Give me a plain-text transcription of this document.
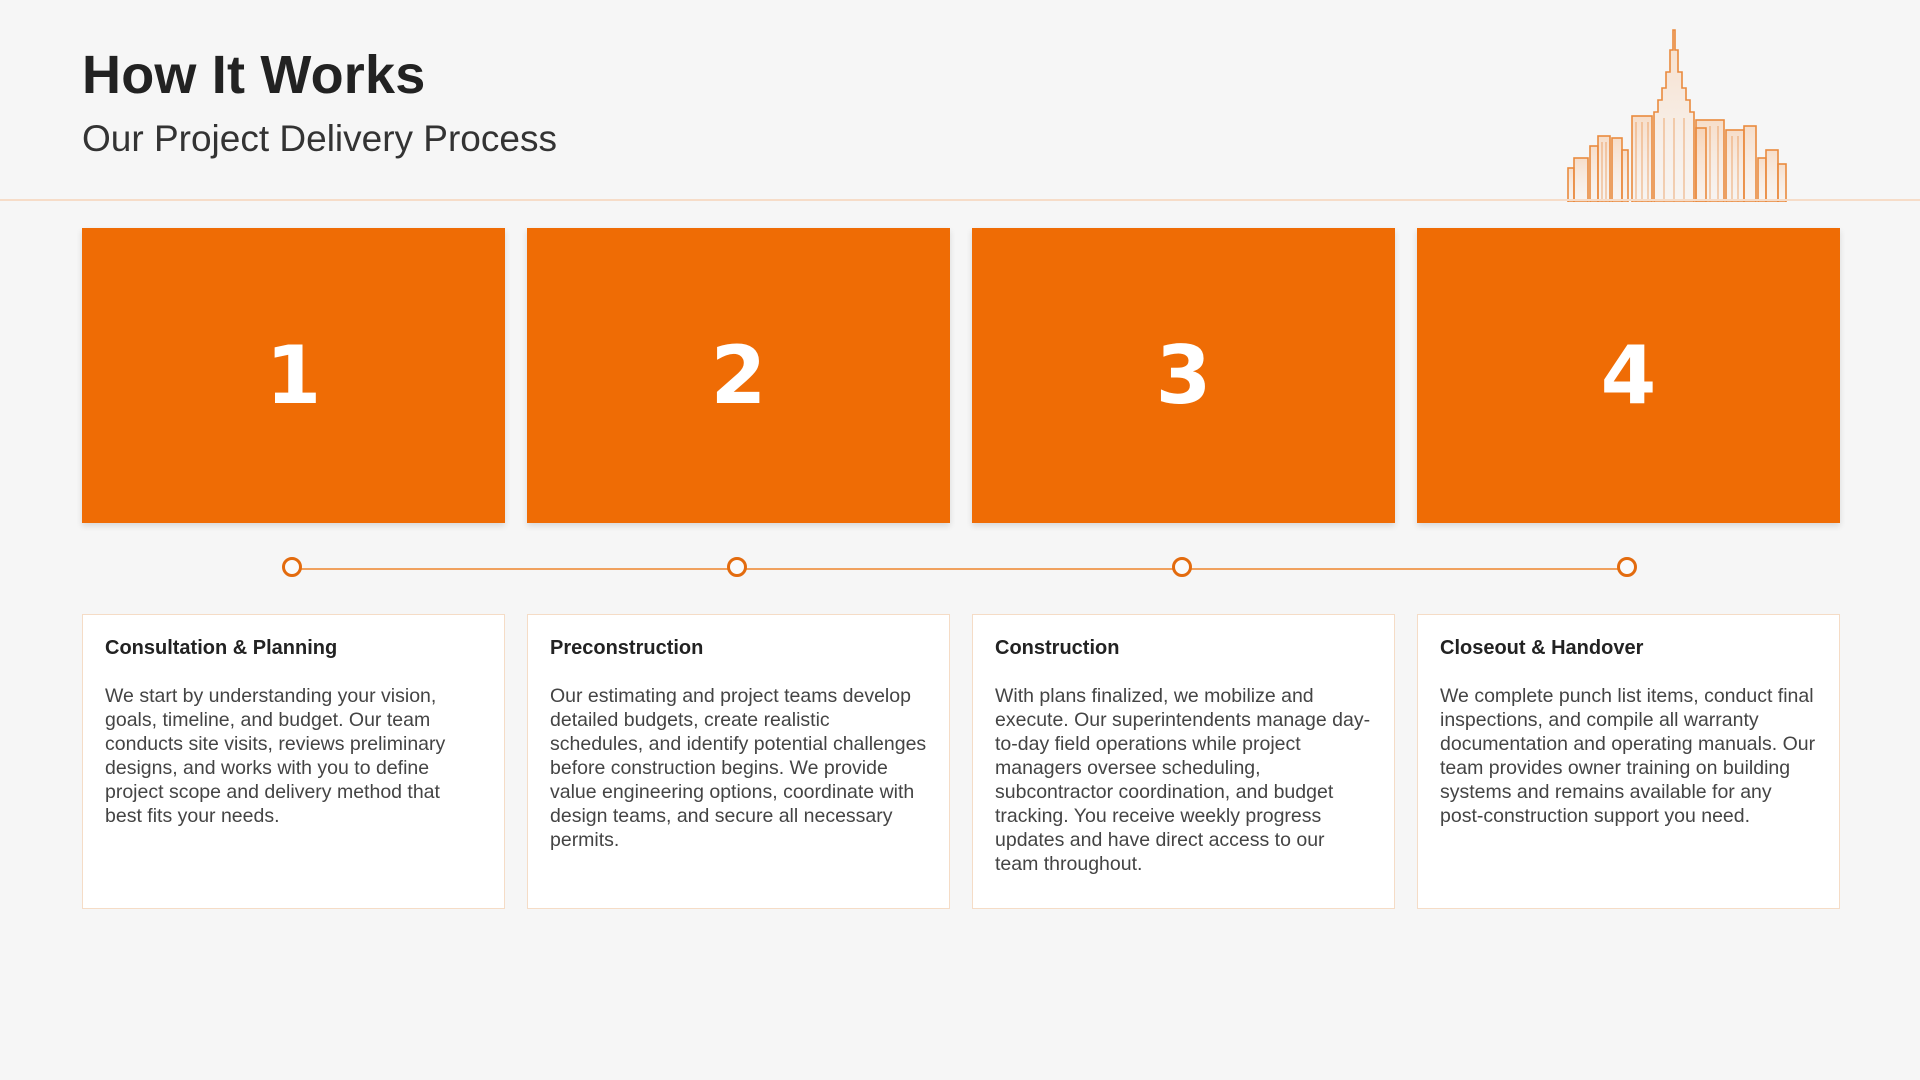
How It Works
Our Project Delivery Process
1	2	3	4
Consultation & Planning

We start by understanding your vision, goals, timeline, and budget. Our team conducts site visits, reviews preliminary designs, and works with you to define project scope and delivery method that best fits your needs.

Preconstruction

Our estimating and project teams develop detailed budgets, create realistic schedules, and identify potential challenges before construction begins. We provide value engineering options, coordinate with design teams, and secure all necessary permits.

Construction

With plans finalized, we mobilize and execute. Our superintendents manage day-to-day field operations while project managers oversee scheduling, subcontractor coordination, and budget tracking. You receive weekly progress updates and have direct access to our team throughout.

Closeout & Handover

We complete punch list items, conduct final inspections, and compile all warranty documentation and operating manuals. Our team provides owner training on building systems and remains available for any post-construction support you need.
